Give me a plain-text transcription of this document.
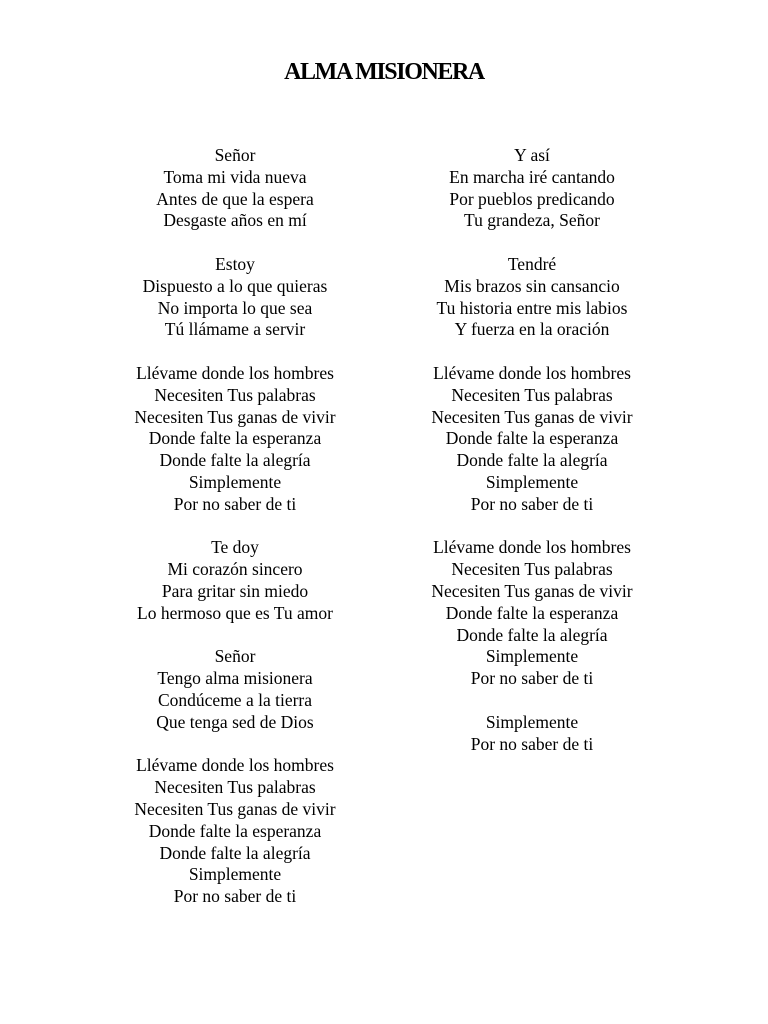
ALMA MISIONERA
Señor
Toma mi vida nueva
Antes de que la espera
Desgaste años en mí
Estoy
Dispuesto a lo que quieras
No importa lo que sea
Tú llámame a servir
Llévame donde los hombres
Necesiten Tus palabras
Necesiten Tus ganas de vivir
Donde falte la esperanza
Donde falte la alegría
Simplemente
Por no saber de ti
Te doy
Mi corazón sincero
Para gritar sin miedo
Lo hermoso que es Tu amor
Señor
Tengo alma misionera
Condúceme a la tierra
Que tenga sed de Dios
Llévame donde los hombres
Necesiten Tus palabras
Necesiten Tus ganas de vivir
Donde falte la esperanza
Donde falte la alegría
Simplemente
Por no saber de ti
Y así
En marcha iré cantando
Por pueblos predicando
Tu grandeza, Señor
Tendré
Mis brazos sin cansancio
Tu historia entre mis labios
Y fuerza en la oración
Llévame donde los hombres
Necesiten Tus palabras
Necesiten Tus ganas de vivir
Donde falte la esperanza
Donde falte la alegría
Simplemente
Por no saber de ti
Llévame donde los hombres
Necesiten Tus palabras
Necesiten Tus ganas de vivir
Donde falte la esperanza
Donde falte la alegría
Simplemente
Por no saber de ti
Simplemente
Por no saber de ti
